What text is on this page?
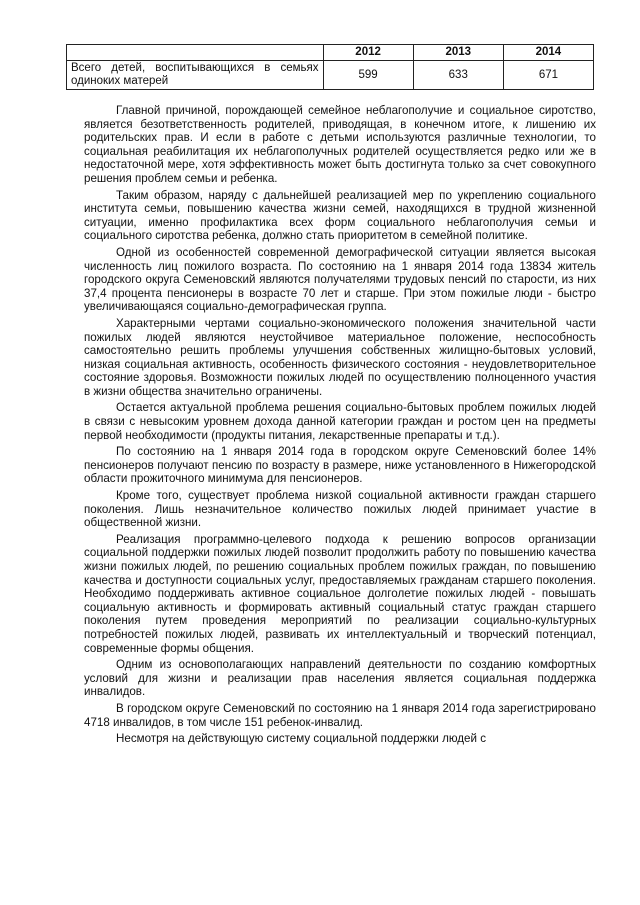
	2012	2013	2014
Всего детей, воспитывающихся в семьях одиноких матерей	599	633	671

Главной причиной, порождающей семейное неблагополучие и социальное сиротство, является безответственность родителей, приводящая, в конечном итоге, к лишению их родительских прав. И если в работе с детьми используются различные технологии, то социальная реабилитация их неблагополучных родителей осуществляется редко или же в недостаточной мере, хотя эффективность может быть достигнута только за счет совокупного решения проблем семьи и ребенка.

Таким образом, наряду с дальнейшей реализацией мер по укреплению социального института семьи, повышению качества жизни семей, находящихся в трудной жизненной ситуации, именно профилактика всех форм социального неблагополучия семьи и социального сиротства ребенка, должно стать приоритетом в семейной политике.

Одной из особенностей современной демографической ситуации является высокая численность лиц пожилого возраста. По состоянию на 1 января 2014 года 13834 житель городского округа Семеновский являются получателями трудовых пенсий по старости, из них 37,4 процента пенсионеры в возрасте 70 лет и старше. При этом пожилые люди - быстро увеличивающаяся социально-демографическая группа.

Характерными чертами социально-экономического положения значительной части пожилых людей являются неустойчивое материальное положение, неспособность самостоятельно решить проблемы улучшения собственных жилищно-бытовых условий, низкая социальная активность, особенность физического состояния - неудовлетворительное состояние здоровья. Возможности пожилых людей по осуществлению полноценного участия в жизни общества значительно ограничены.

Остается актуальной проблема решения социально-бытовых проблем пожилых людей в связи с невысоким уровнем дохода данной категории граждан и ростом цен на предметы первой необходимости (продукты питания, лекарственные препараты и т.д.).

По состоянию на 1 января 2014 года в городском округе Семеновский более 14% пенсионеров получают пенсию по возрасту в размере, ниже установленного в Нижегородской области прожиточного минимума для пенсионеров.

Кроме того, существует проблема низкой социальной активности граждан старшего поколения. Лишь незначительное количество пожилых людей принимает участие в общественной жизни.

Реализация программно-целевого подхода к решению вопросов организации социальной поддержки пожилых людей позволит продолжить работу по повышению качества жизни пожилых людей, по решению социальных проблем пожилых граждан, по повышению качества и доступности социальных услуг, предоставляемых гражданам старшего поколения. Необходимо поддерживать активное социальное долголетие пожилых людей - повышать социальную активность и формировать активный социальный статус граждан старшего поколения путем проведения мероприятий по реализации социально-культурных потребностей пожилых людей, развивать их интеллектуальный и творческий потенциал, современные формы общения.

Одним из основополагающих направлений деятельности по созданию комфортных условий для жизни и реализации прав населения является социальная поддержка инвалидов.

В городском округе Семеновский по состоянию на 1 января 2014 года зарегистрировано 4718 инвалидов, в том числе 151 ребенок-инвалид.

Несмотря на действующую систему социальной поддержки людей с
